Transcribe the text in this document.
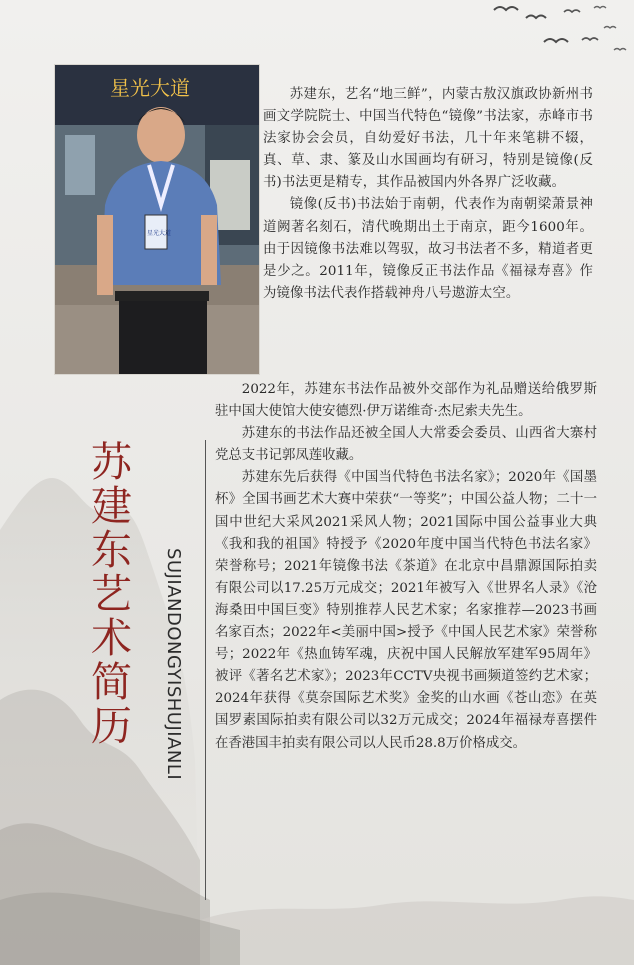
星光大道
星光大道

苏建东，艺名“地三鲜”，内蒙古敖汉旗政协新州书画文学院院士、中国当代特色“镜像”书法家，赤峰市书法家协会会员，自幼爱好书法，几十年来笔耕不辍，真、草、隶、篆及山水国画均有研习，特别是镜像(反书)书法更是精专，其作品被国内外各界广泛收藏。

镜像(反书)书法始于南朝，代表作为南朝梁萧景神道阙著名刻石，清代晚期出土于南京，距今1600年。由于因镜像书法难以驾驭，故习书法者不多，精道者更是少之。2011年，镜像反正书法作品《福禄寿喜》作为镜像书法代表作搭载神舟八号遨游太空。

苏建东艺术简历	SUJIANDONGYISHUJIANLI

2022年，苏建东书法作品被外交部作为礼品赠送给俄罗斯驻中国大使馆大使安德烈·伊万诺维奇·杰尼索夫先生。

苏建东的书法作品还被全国人大常委会委员、山西省大寨村党总支书记郭凤莲收藏。

苏建东先后获得《中国当代特色书法名家》；2020年《国墨杯》全国书画艺术大赛中荣获“一等奖”；中国公益人物；二十一国中世纪大采风2021采风人物；2021国际中国公益事业大典《我和我的祖国》特授予《2020年度中国当代特色书法名家》荣誉称号；2021年镜像书法《茶道》在北京中昌鼎源国际拍卖有限公司以17.25万元成交；2021年被写入《世界名人录》《沧海桑田中国巨变》特别推荐人民艺术家；名家推荐—2023书画名家百杰；2022年<美丽中国>授予《中国人民艺术家》荣誉称号；2022年《热血铸军魂，庆祝中国人民解放军建军95周年》被评《著名艺术家》；2023年CCTV央视书画频道签约艺术家；2024年获得《莫奈国际艺术奖》金奖的山水画《苍山恋》在英国罗素国际拍卖有限公司以32万元成交；2024年福禄寿喜摆件在香港国丰拍卖有限公司以人民币28.8万价格成交。
